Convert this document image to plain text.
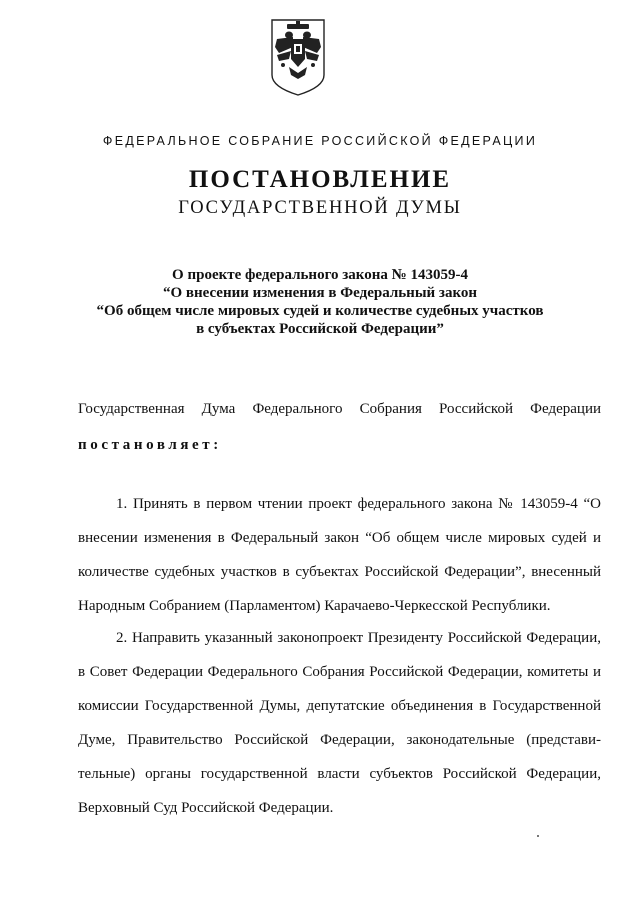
ФЕДЕРАЛЬНОЕ СОБРАНИЕ РОССИЙСКОЙ ФЕДЕРАЦИИ
ПОСТАНОВЛЕНИЕ
ГОСУДАРСТВЕННОЙ ДУМЫ
О проекте федерального закона № 143059-4
“О внесении изменения в Федеральный закон
“Об общем числе мировых судей и количестве судебных участков
в субъектах Российской Федерации”
Государственная Дума Федерального Собрания Российской Федерации
постановляет:
1. Принять в первом чтении проект федерального закона № 143059-4 “О внесении изменения в Федеральный закон “Об общем числе мировых судей и количестве судебных участков в субъектах Российской Федерации”, внесенный Народным Собранием (Парламентом) Карачаево-Черкесской Республики.
2. Направить указанный законопроект Президенту Российской Федерации, в Совет Федерации Федерального Собрания Российской Федерации, комитеты и комиссии Государственной Думы, депутатские объединения в Государственной Думе, Правительство Российской Федерации, законодательные (представительные) органы государственной власти субъектов Российской Федерации, Верховный Суд Российской Федерации.
